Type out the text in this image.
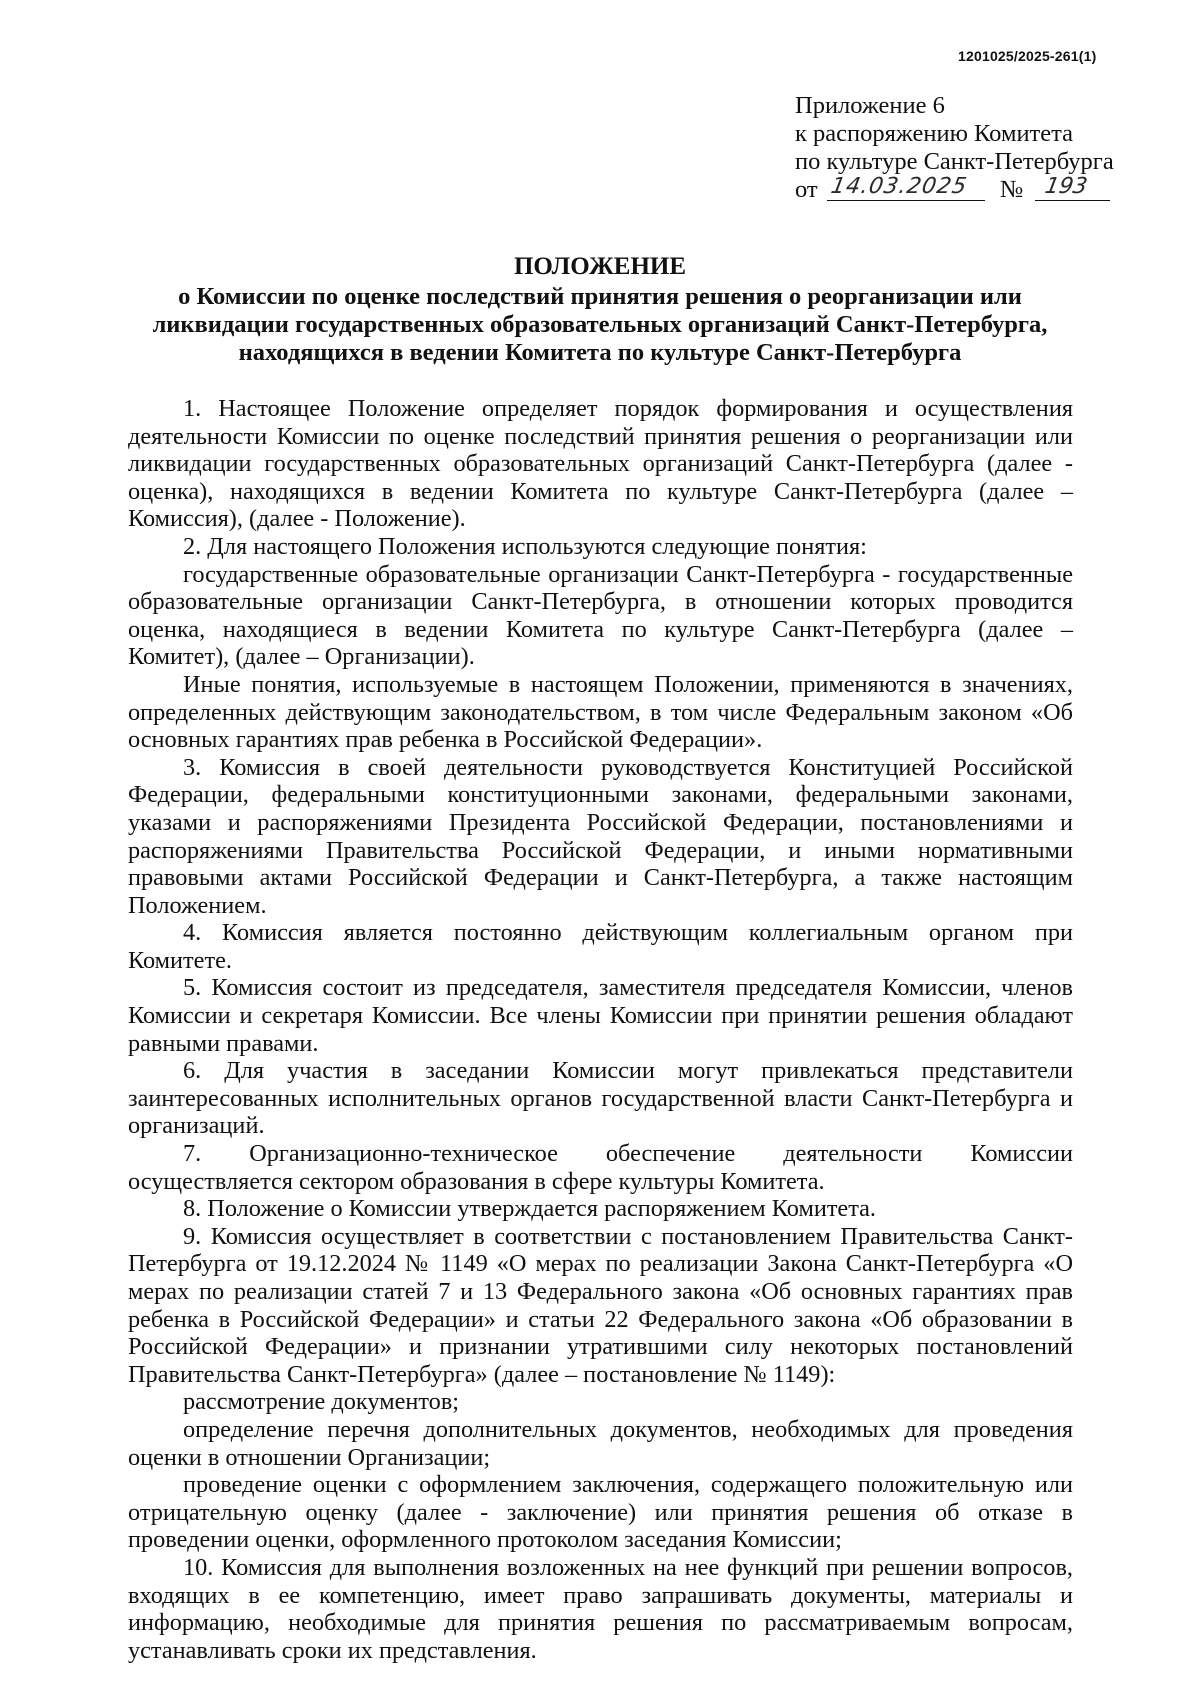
1201025/2025-261(1)
Приложение 6
к распоряжению Комитета
по культуре Санкт-Петербурга
от 14.03.2025 № 193
ПОЛОЖЕНИЕ
о Комиссии по оценке последствий принятия решения о реорганизации или
ликвидации государственных образовательных организаций Санкт-Петербурга,
находящихся в ведении Комитета по культуре Санкт-Петербурга

1. Настоящее Положение определяет порядок формирования и осуществления деятельности Комиссии по оценке последствий принятия решения о реорганизации или ликвидации государственных образовательных организаций Санкт-Петербурга (далее - оценка), находящихся в ведении Комитета по культуре Санкт-Петербурга (далее – Комиссия), (далее - Положение).

2. Для настоящего Положения используются следующие понятия:

государственные образовательные организации Санкт-Петербурга - государственные образовательные организации Санкт-Петербурга, в отношении которых проводится оценка, находящиеся в ведении Комитета по культуре Санкт-Петербурга (далее – Комитет), (далее – Организации).

Иные понятия, используемые в настоящем Положении, применяются в значениях, определенных действующим законодательством, в том числе Федеральным законом «Об основных гарантиях прав ребенка в Российской Федерации».

3. Комиссия в своей деятельности руководствуется Конституцией Российской Федерации, федеральными конституционными законами, федеральными законами, указами и распоряжениями Президента Российской Федерации, постановлениями и распоряжениями Правительства Российской Федерации, и иными нормативными правовыми актами Российской Федерации и Санкт-Петербурга, а также настоящим Положением.

4. Комиссия является постоянно действующим коллегиальным органом при Комитете.

5. Комиссия состоит из председателя, заместителя председателя Комиссии, членов Комиссии и секретаря Комиссии. Все члены Комиссии при принятии решения обладают равными правами.

6. Для участия в заседании Комиссии могут привлекаться представители заинтересованных исполнительных органов государственной власти Санкт-Петербурга и организаций.

7. Организационно-техническое обеспечение деятельности Комиссии осуществляется сектором образования в сфере культуры Комитета.

8. Положение о Комиссии утверждается распоряжением Комитета.

9. Комиссия осуществляет в соответствии с постановлением Правительства Санкт-Петербурга от 19.12.2024 № 1149 «О мерах по реализации Закона Санкт-Петербурга «О мерах по реализации статей 7 и 13 Федерального закона «Об основных гарантиях прав ребенка в Российской Федерации» и статьи 22 Федерального закона «Об образовании в Российской Федерации» и признании утратившими силу некоторых постановлений Правительства Санкт-Петербурга» (далее – постановление № 1149):

рассмотрение документов;

определение перечня дополнительных документов, необходимых для проведения оценки в отношении Организации;

проведение оценки с оформлением заключения, содержащего положительную или отрицательную оценку (далее - заключение) или принятия решения об отказе в проведении оценки, оформленного протоколом заседания Комиссии;

10. Комиссия для выполнения возложенных на нее функций при решении вопросов, входящих в ее компетенцию, имеет право запрашивать документы, материалы и информацию, необходимые для принятия решения по рассматриваемым вопросам, устанавливать сроки их представления.
